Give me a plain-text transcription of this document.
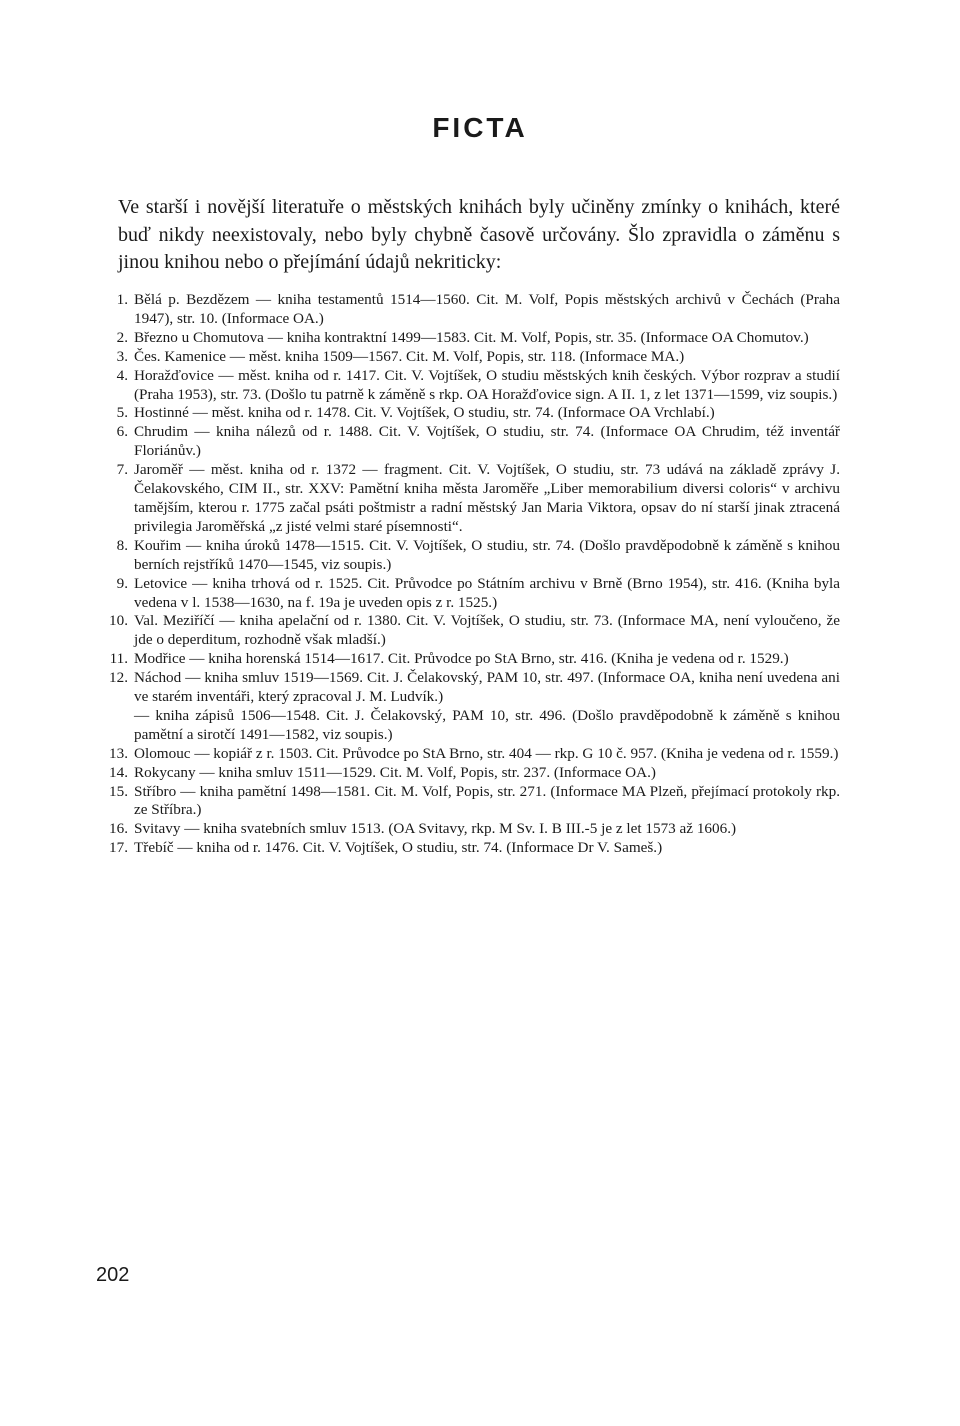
FICTA

Ve starší i novější literatuře o městských knihách byly učiněny zmínky o knihách, které buď nikdy neexistovaly, nebo byly chybně časově určovány. Šlo zpravidla o záměnu s jinou knihou nebo o přejímání údajů nekriticky:

1. Bělá p. Bezdězem — kniha testamentů 1514—1560. Cit. M. Volf, Popis městských archivů v Čechách (Praha 1947), str. 10. (Informace OA.)
2. Březno u Chomutova — kniha kontraktní 1499—1583. Cit. M. Volf, Popis, str. 35. (Informace OA Chomutov.)
3. Čes. Kamenice — měst. kniha 1509—1567. Cit. M. Volf, Popis, str. 118. (Informace MA.)
4. Horažďovice — měst. kniha od r. 1417. Cit. V. Vojtíšek, O studiu městských knih českých. Výbor rozprav a studií (Praha 1953), str. 73. (Došlo tu patrně k záměně s rkp. OA Horažďovice sign. A II. 1, z let 1371—1599, viz soupis.)
5. Hostinné — měst. kniha od r. 1478. Cit. V. Vojtíšek, O studiu, str. 74. (Informace OA Vrchlabí.)
6. Chrudim — kniha nálezů od r. 1488. Cit. V. Vojtíšek, O studiu, str. 74. (Informace OA Chrudim, též inventář Floriánův.)
7. Jaroměř — měst. kniha od r. 1372 — fragment. Cit. V. Vojtíšek, O studiu, str. 73 udává na základě zprávy J. Čelakovského, CIM II., str. XXV: Pamětní kniha města Jaroměře „Liber memorabilium diversi coloris“ v archivu tamějším, kterou r. 1775 začal psáti poštmistr a radní městský Jan Maria Viktora, opsav do ní starší jinak ztracená privilegia Jaroměřská „z jisté velmi staré písemnosti“.
8. Kouřim — kniha úroků 1478—1515. Cit. V. Vojtíšek, O studiu, str. 74. (Došlo pravděpodobně k záměně s knihou berních rejstříků 1470—1545, viz soupis.)
9. Letovice — kniha trhová od r. 1525. Cit. Průvodce po Státním archivu v Brně (Brno 1954), str. 416. (Kniha byla vedena v l. 1538—1630, na f. 19a je uveden opis z r. 1525.)
10. Val. Meziříčí — kniha apelační od r. 1380. Cit. V. Vojtíšek, O studiu, str. 73. (Informace MA, není vyloučeno, že jde o deperditum, rozhodně však mladší.)
11. Modřice — kniha horenská 1514—1617. Cit. Průvodce po StA Brno, str. 416. (Kniha je vedena od r. 1529.)
12. Náchod — kniha smluv 1519—1569. Cit. J. Čelakovský, PAM 10, str. 497. (Informace OA, kniha není uvedena ani ve starém inventáři, který zpracoval J. M. Ludvík.)
— kniha zápisů 1506—1548. Cit. J. Čelakovský, PAM 10, str. 496. (Došlo pravděpodobně k záměně s knihou pamětní a sirotčí 1491—1582, viz soupis.)
13. Olomouc — kopiář z r. 1503. Cit. Průvodce po StA Brno, str. 404 — rkp. G 10 č. 957. (Kniha je vedena od r. 1559.)
14. Rokycany — kniha smluv 1511—1529. Cit. M. Volf, Popis, str. 237. (Informace OA.)
15. Stříbro — kniha pamětní 1498—1581. Cit. M. Volf, Popis, str. 271. (Informace MA Plzeň, přejímací protokoly rkp. ze Stříbra.)
16. Svitavy — kniha svatebních smluv 1513. (OA Svitavy, rkp. M Sv. I. B III.-5 je z let 1573 až 1606.)
17. Třebíč — kniha od r. 1476. Cit. V. Vojtíšek, O studiu, str. 74. (Informace Dr V. Sameš.)

202
